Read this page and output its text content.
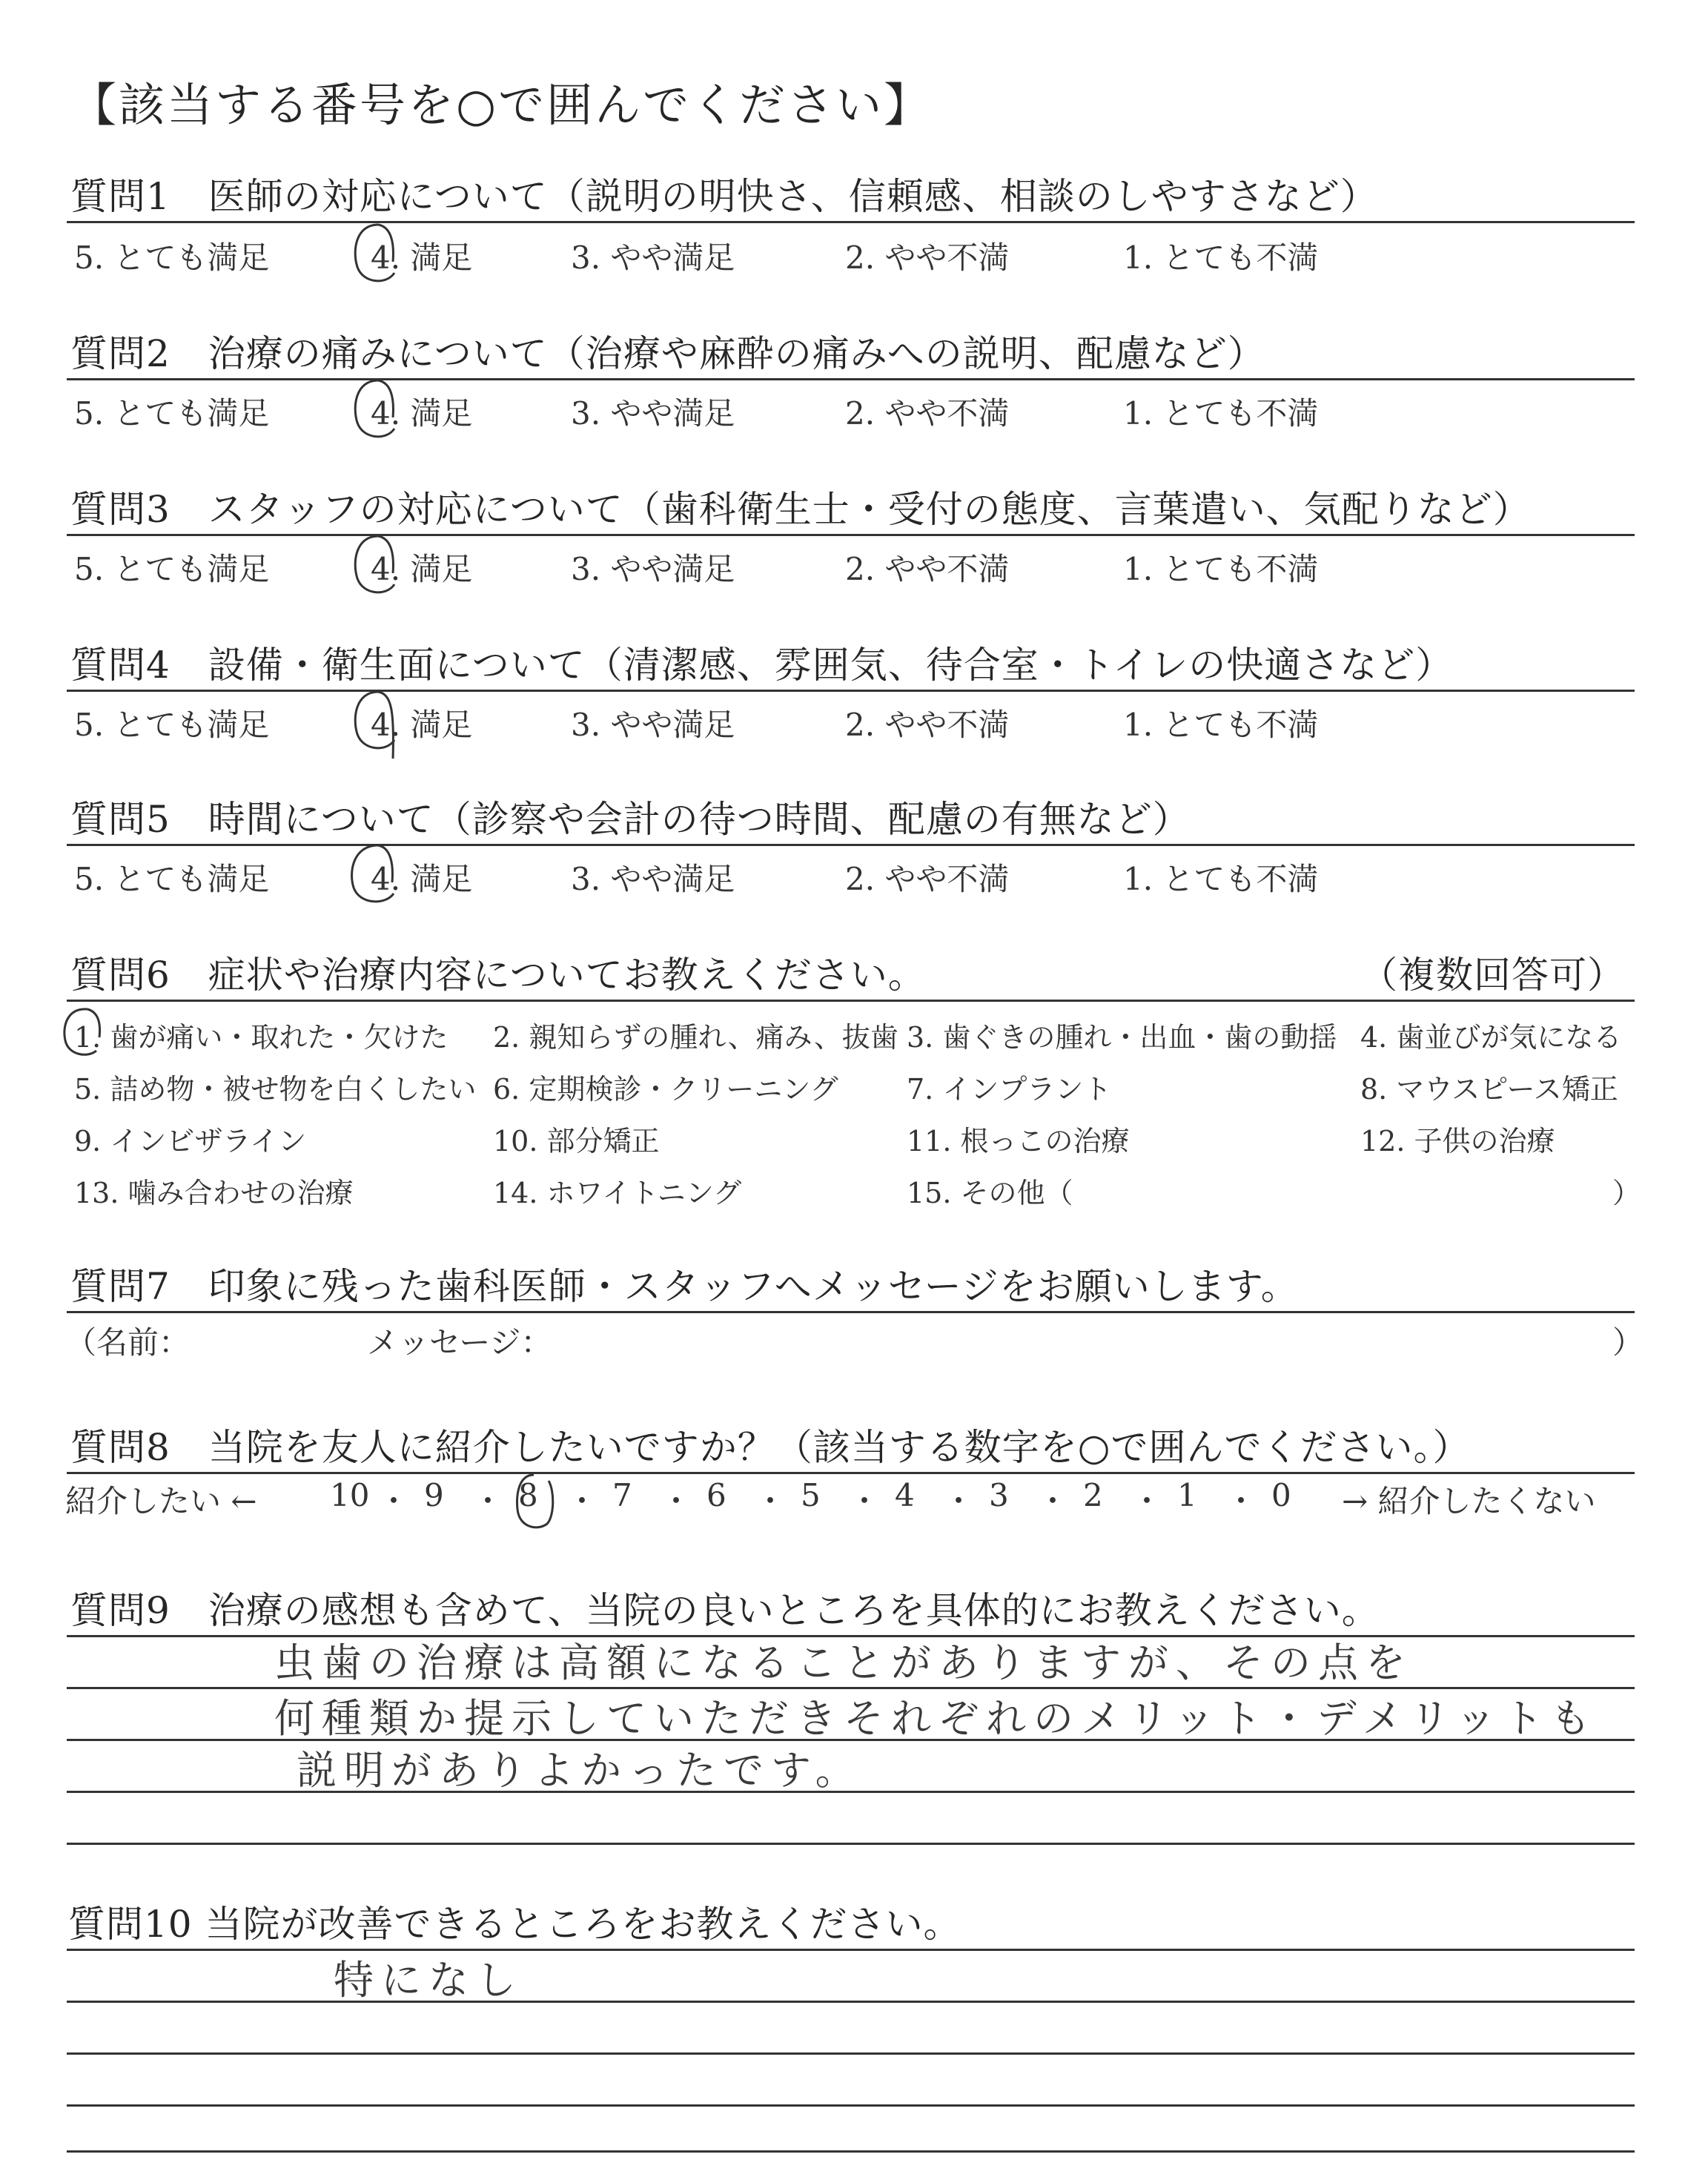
【該当する番号を○で囲んでください】
質問1　医師の対応について（説明の明快さ、信頼感、相談のしやすさなど）
5. とても満足	4. 満足	3. やや満足	2. やや不満	1. とても不満
質問2　治療の痛みについて（治療や麻酔の痛みへの説明、配慮など）
5. とても満足	4. 満足	3. やや満足	2. やや不満	1. とても不満
質問3　スタッフの対応について（歯科衛生士・受付の態度、言葉遣い、気配りなど）
5. とても満足	4. 満足	3. やや満足	2. やや不満	1. とても不満
質問4　設備・衛生面について（清潔感、雰囲気、待合室・トイレの快適さなど）
5. とても満足	4. 満足	3. やや満足	2. やや不満	1. とても不満
質問5　時間について（診察や会計の待つ時間、配慮の有無など）
5. とても満足	4. 満足	3. やや満足	2. やや不満	1. とても不満
質問6　症状や治療内容についてお教えください。	（複数回答可）
1. 歯が痛い・取れた・欠けた 2. 親知らずの腫れ、痛み、抜歯 3. 歯ぐきの腫れ・出血・歯の動揺 4. 歯並びが気になる
5. 詰め物・被せ物を白くしたい 6. 定期検診・クリーニング 7. インプラント	8. マウスピース矯正
9. インビザライン	10. 部分矯正	11. 根っこの治療	12. 子供の治療
13. 噛み合わせの治療	14. ホワイトニング	15. その他（	）
質問7　印象に残った歯科医師・スタッフへメッセージをお願いします。
（名前：	メッセージ：	）
質問8　当院を友人に紹介したいですか？（該当する数字を○で囲んでください。）
紹介したい ← 10 ・ 9 ・ 8 ・ 7 ・ 6 ・ 5 ・ 4 ・ 3 ・ 2 ・ 1 ・ 0 → 紹介したくない
質問9　治療の感想も含めて、当院の良いところを具体的にお教えください。
虫歯の治療は高額になることがありますが、その点を
何種類か提示していただきそれぞれのメリット・デメリットも
説明がありよかったです。
質問10 当院が改善できるところをお教えください。
特になし
